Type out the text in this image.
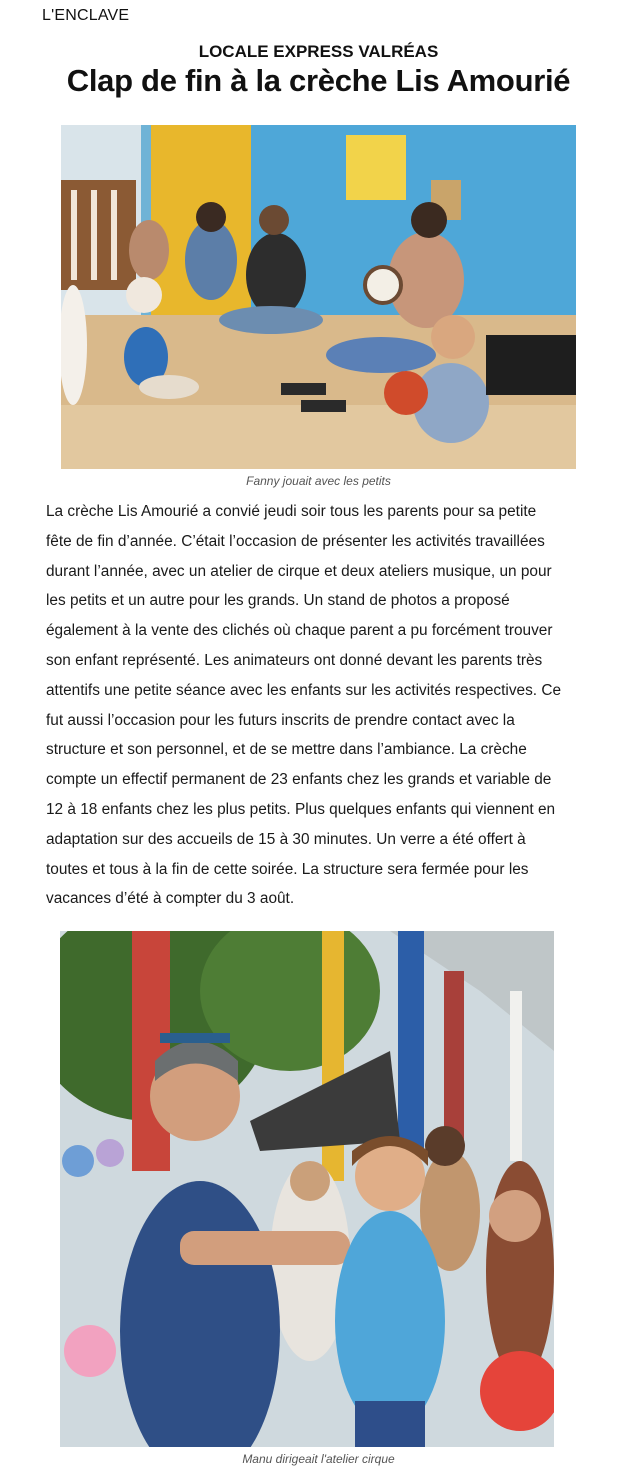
L'ENCLAVE
LOCALE EXPRESS VALRÉAS
Clap de fin à la crèche Lis Amourié
Fanny jouait avec les petits
La crèche Lis Amourié a convié jeudi soir tous les parents pour sa petite
fête de fin d’année. C’était l’occasion de présenter les activités travaillées
durant l’année, avec un atelier de cirque et deux ateliers musique, un pour
les petits et un autre pour les grands. Un stand de photos a proposé
également à la vente des clichés où chaque parent a pu forcément trouver
son enfant représenté. Les animateurs ont donné devant les parents très
attentifs une petite séance avec les enfants sur les activités respectives. Ce
fut aussi l’occasion pour les futurs inscrits de prendre contact avec la
structure et son personnel, et de se mettre dans l’ambiance. La crèche
compte un effectif permanent de 23 enfants chez les grands et variable de
12 à 18 enfants chez les plus petits. Plus quelques enfants qui viennent en
adaptation sur des accueils de 15 à 30 minutes. Un verre a été offert à
toutes et tous à la fin de cette soirée. La structure sera fermée pour les
vacances d’été à compter du 3 août.
Manu dirigeait l'atelier cirque
